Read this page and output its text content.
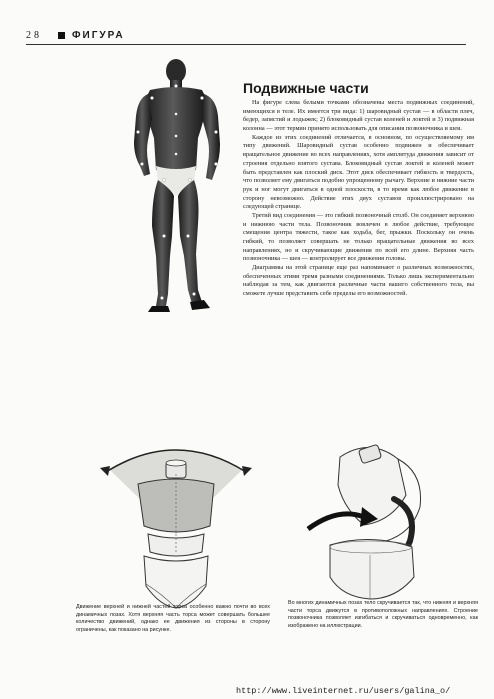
28	ФИГУРА
Подвижные части

На фигуре слева белыми точками обозначены места подвижных соединений, имеющихся в теле. Их имеется три вида: 1) шаровидный сустав — в области плеч, бедер, запястий и лодыжек; 2) блоковидный сустав коленей и локтей и 3) подвижная колонна — этот термин принято использовать для описания позвоночника и шеи.

Каждое из этих соединений отличается, в основном, по осуществляемому им типу движений. Шаровидный сустав особенно подвижен и обеспечивает вращательное движение во всех направлениях, хотя амплитуда движения зависит от строения отдельно взятого сустава. Блоковидный сустав локтей и коленей может быть представлен как плоский диск. Этот диск обеспечивает гибкость и твердость, что позволяет ему двигаться подобно упрощенному рычагу. Верхние и нижние части рук и ног могут двигаться в одной плоскости, в то время как любое движение в сторону невозможно. Действие этих двух суставов проиллюстрировано на следующей странице.

Третий вид соединения — это гибкий позвоночный столб. Он соединяет верхнюю и нижнюю части тела. Позвоночник вовлечен в любое действие, требующее смещения центра тяжести, такое как ходьба, бег, прыжки. Поскольку он очень гибкий, то позволяет совершать не только вращательные движения во всех направлениях, но и скручивающие движения по всей его длине. Верхняя часть позвоночника — шея — контролирует все движения головы.

Диаграммы на этой странице еще раз напоминают о различных возможностях, обеспеченных этими тремя разными соединениями. Только лишь экспериментально наблюдая за тем, как двигаются различные части вашего собственного тела, вы сможете лучше представить себе пределы его возможностей.

Движение верхней и нижней частей торса особенно важно почти во всех динамичных позах. Хотя верхняя часть торса может совершать большее количество движений, однако ее движения из стороны в сторону ограничены, как показано на рисунке.
Во многих динамичных позах тело скручивается так, что нижняя и верхняя части торса движутся в противоположных направлениях. Строение позвоночника позволяет изгибаться и скручиваться одновременно, как изображено на иллюстрации.
http://www.liveinternet.ru/users/galina_o/
